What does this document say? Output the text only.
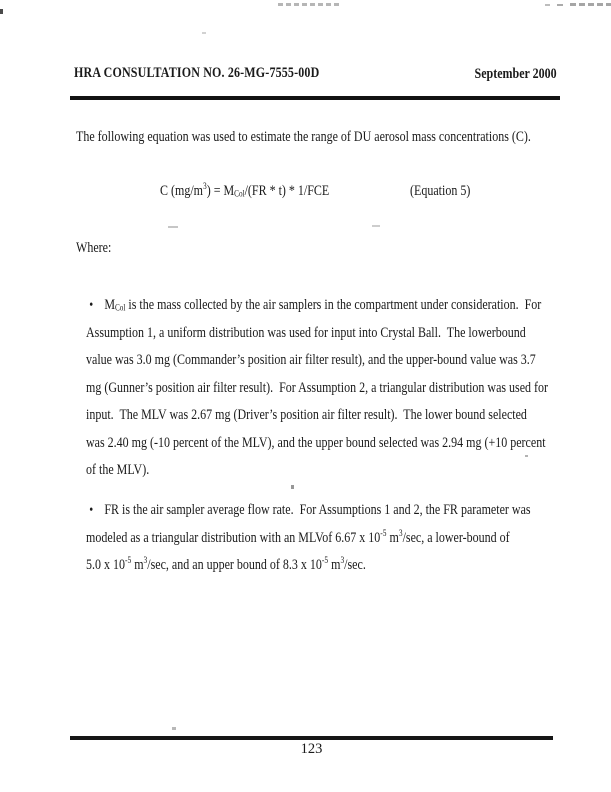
HRA CONSULTATION NO. 26-MG-7555-00D	September 2000

The following equation was used to estimate the range of DU aerosol mass concentrations (C).

C $(mg/m^3) = M_{Col}/(FR * t) * 1/FCE$	(Equation 5)
Where:
• $M_{Col}$ is the mass collected by the air samplers in the compartment under consideration.  For
Assumption 1, a uniform distribution was used for input into Crystal Ball.  The lowerbound
value was 3.0 mg (Commander’s position air filter result), and the upper-bound value was 3.7
mg (Gunner’s position air filter result).  For Assumption 2, a triangular distribution was used for
input.  The MLV was 2.67 mg (Driver’s position air filter result).  The lower bound selected
was 2.40 mg (-10 percent of the MLV), and the upper bound selected was 2.94 mg (+10 percent
of the MLV).
• FR is the air sampler average flow rate.  For Assumptions 1 and 2, the FR parameter was
modeled as a triangular distribution with an MLVof 6.67 x $10^{-5}$ $m^3/\sec$, a lower-bound of
5.0 x $10^{-5}$ $m^3/\sec$, and an upper bound of 8.3 x $10^{-5}$ $m^3/\sec$.
123
